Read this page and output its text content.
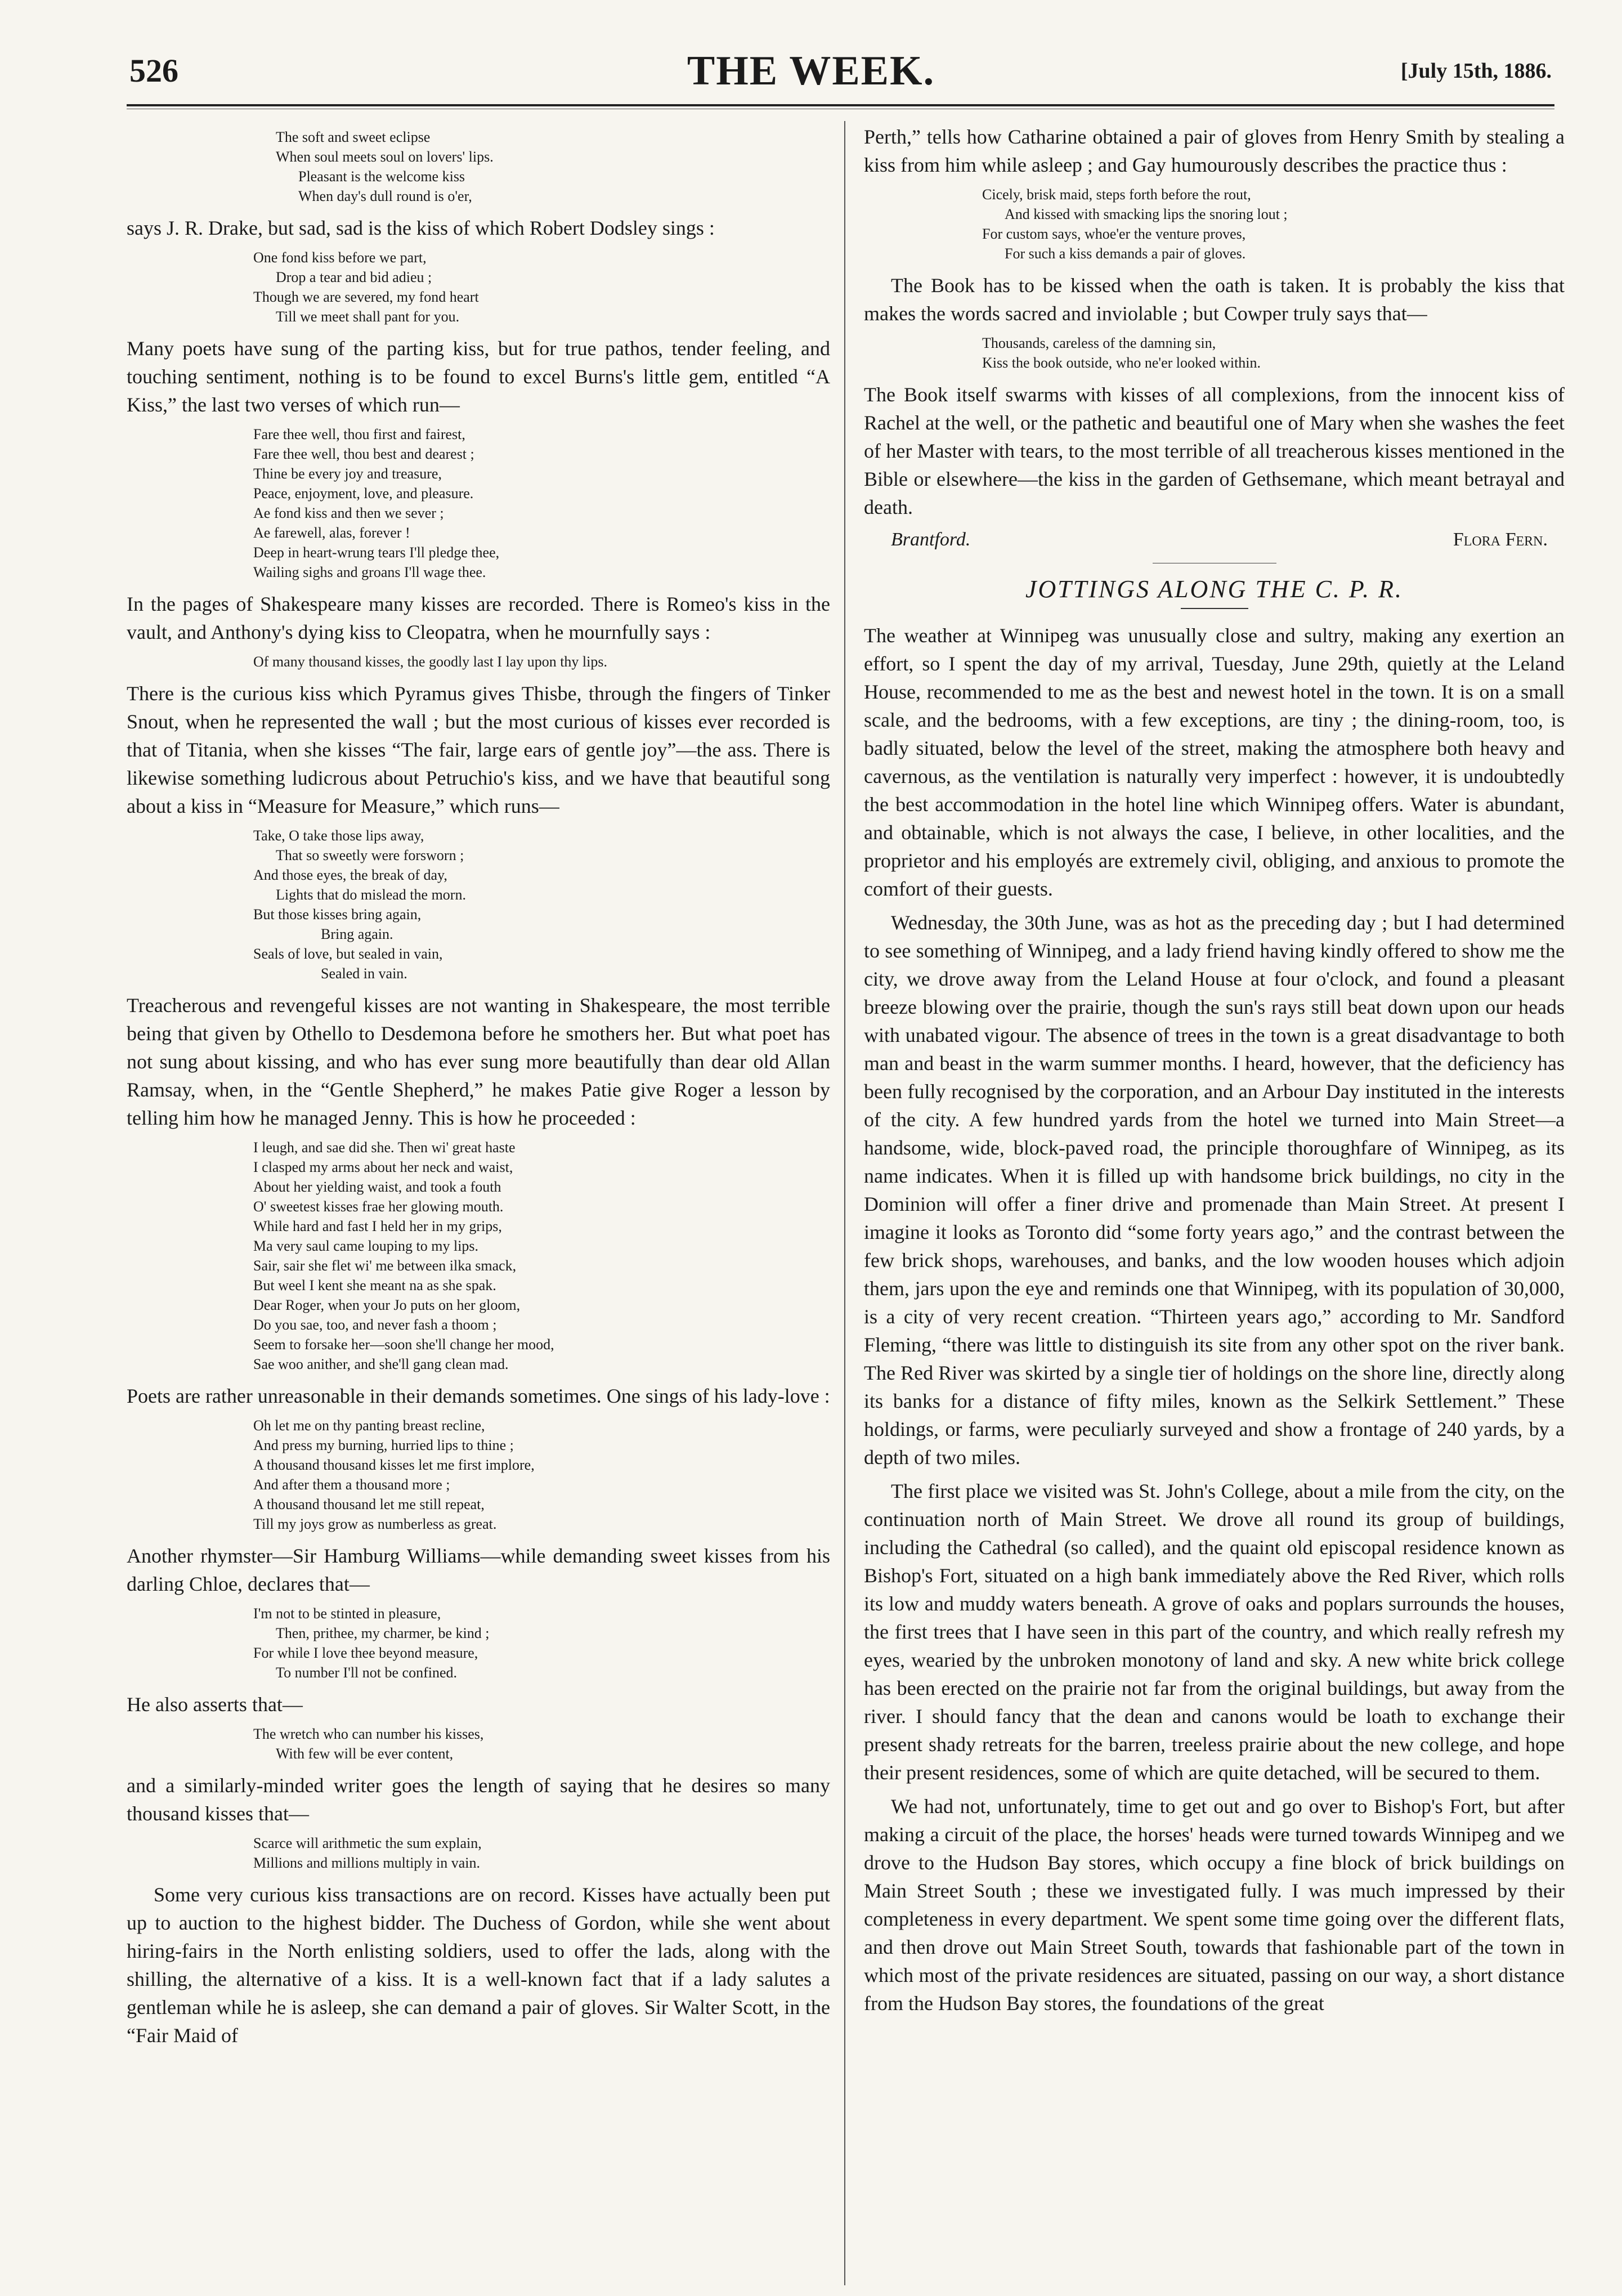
526	THE WEEK.	[July 15th, 1886.
The soft and sweet eclipse
When soul meets soul on lovers' lips.
Pleasant is the welcome kiss
When day's dull round is o'er,

says J. R. Drake, but sad, sad is the kiss of which Robert Dodsley sings :

One fond kiss before we part,
Drop a tear and bid adieu ;
Though we are severed, my fond heart
Till we meet shall pant for you.

Many poets have sung of the parting kiss, but for true pathos, tender feeling, and touching sentiment, nothing is to be found to excel Burns's little gem, entitled “A Kiss,” the last two verses of which run—

Fare thee well, thou first and fairest,
Fare thee well, thou best and dearest ;
Thine be every joy and treasure,
Peace, enjoyment, love, and pleasure.
Ae fond kiss and then we sever ;
Ae farewell, alas, forever !
Deep in heart-wrung tears I'll pledge thee,
Wailing sighs and groans I'll wage thee.

In the pages of Shakespeare many kisses are recorded. There is Romeo's kiss in the vault, and Anthony's dying kiss to Cleopatra, when he mournfully says :

Of many thousand kisses, the goodly last I lay upon thy lips.

There is the curious kiss which Pyramus gives Thisbe, through the fingers of Tinker Snout, when he represented the wall ; but the most curious of kisses ever recorded is that of Titania, when she kisses “The fair, large ears of gentle joy”—the ass. There is likewise something ludicrous about Petruchio's kiss, and we have that beautiful song about a kiss in “Measure for Measure,” which runs—

Take, O take those lips away,
That so sweetly were forsworn ;
And those eyes, the break of day,
Lights that do mislead the morn.
But those kisses bring again,
Bring again.
Seals of love, but sealed in vain,
Sealed in vain.

Treacherous and revengeful kisses are not wanting in Shakespeare, the most terrible being that given by Othello to Desdemona before he smothers her. But what poet has not sung about kissing, and who has ever sung more beautifully than dear old Allan Ramsay, when, in the “Gentle Shepherd,” he makes Patie give Roger a lesson by telling him how he managed Jenny. This is how he proceeded :

I leugh, and sae did she. Then wi' great haste
I clasped my arms about her neck and waist,
About her yielding waist, and took a fouth
O' sweetest kisses frae her glowing mouth.
While hard and fast I held her in my grips,
Ma very saul came louping to my lips.
Sair, sair she flet wi' me between ilka smack,
But weel I kent she meant na as she spak.
Dear Roger, when your Jo puts on her gloom,
Do you sae, too, and never fash a thoom ;
Seem to forsake her—soon she'll change her mood,
Sae woo anither, and she'll gang clean mad.

Poets are rather unreasonable in their demands sometimes. One sings of his lady-love :

Oh let me on thy panting breast recline,
And press my burning, hurried lips to thine ;
A thousand thousand kisses let me first implore,
And after them a thousand more ;
A thousand thousand let me still repeat,
Till my joys grow as numberless as great.

Another rhymster—Sir Hamburg Williams—while demanding sweet kisses from his darling Chloe, declares that—

I'm not to be stinted in pleasure,
Then, prithee, my charmer, be kind ;
For while I love thee beyond measure,
To number I'll not be confined.

He also asserts that—

The wretch who can number his kisses,
With few will be ever content,

and a similarly-minded writer goes the length of saying that he desires so many thousand kisses that—

Scarce will arithmetic the sum explain,
Millions and millions multiply in vain.

Some very curious kiss transactions are on record. Kisses have actually been put up to auction to the highest bidder. The Duchess of Gordon, while she went about hiring-fairs in the North enlisting soldiers, used to offer the lads, along with the shilling, the alternative of a kiss. It is a well-known fact that if a lady salutes a gentleman while he is asleep, she can demand a pair of gloves. Sir Walter Scott, in the “Fair Maid of

Perth,” tells how Catharine obtained a pair of gloves from Henry Smith by stealing a kiss from him while asleep ; and Gay humourously describes the practice thus :

Cicely, brisk maid, steps forth before the rout,
And kissed with smacking lips the snoring lout ;
For custom says, whoe'er the venture proves,
For such a kiss demands a pair of gloves.

The Book has to be kissed when the oath is taken. It is probably the kiss that makes the words sacred and inviolable ; but Cowper truly says that—

Thousands, careless of the damning sin,
Kiss the book outside, who ne'er looked within.

The Book itself swarms with kisses of all complexions, from the innocent kiss of Rachel at the well, or the pathetic and beautiful one of Mary when she washes the feet of her Master with tears, to the most terrible of all treacherous kisses mentioned in the Bible or elsewhere—the kiss in the garden of Gethsemane, which meant betrayal and death.

Brantford.	Flora Fern.
JOTTINGS ALONG THE C. P. R.

The weather at Winnipeg was unusually close and sultry, making any exertion an effort, so I spent the day of my arrival, Tuesday, June 29th, quietly at the Leland House, recommended to me as the best and newest hotel in the town. It is on a small scale, and the bedrooms, with a few exceptions, are tiny ; the dining-room, too, is badly situated, below the level of the street, making the atmosphere both heavy and cavernous, as the ventilation is naturally very imperfect : however, it is undoubtedly the best accommodation in the hotel line which Winnipeg offers. Water is abundant, and obtainable, which is not always the case, I believe, in other localities, and the proprietor and his employés are extremely civil, obliging, and anxious to promote the comfort of their guests.

Wednesday, the 30th June, was as hot as the preceding day ; but I had determined to see something of Winnipeg, and a lady friend having kindly offered to show me the city, we drove away from the Leland House at four o'clock, and found a pleasant breeze blowing over the prairie, though the sun's rays still beat down upon our heads with unabated vigour. The absence of trees in the town is a great disadvantage to both man and beast in the warm summer months. I heard, however, that the deficiency has been fully recognised by the corporation, and an Arbour Day instituted in the interests of the city. A few hundred yards from the hotel we turned into Main Street—a handsome, wide, block-paved road, the principle thoroughfare of Winnipeg, as its name indicates. When it is filled up with handsome brick buildings, no city in the Dominion will offer a finer drive and promenade than Main Street. At present I imagine it looks as Toronto did “some forty years ago,” and the contrast between the few brick shops, warehouses, and banks, and the low wooden houses which adjoin them, jars upon the eye and reminds one that Winnipeg, with its population of 30,000, is a city of very recent creation. “Thirteen years ago,” according to Mr. Sandford Fleming, “there was little to distinguish its site from any other spot on the river bank. The Red River was skirted by a single tier of holdings on the shore line, directly along its banks for a distance of fifty miles, known as the Selkirk Settlement.” These holdings, or farms, were peculiarly surveyed and show a frontage of 240 yards, by a depth of two miles.

The first place we visited was St. John's College, about a mile from the city, on the continuation north of Main Street. We drove all round its group of buildings, including the Cathedral (so called), and the quaint old episcopal residence known as Bishop's Fort, situated on a high bank immediately above the Red River, which rolls its low and muddy waters beneath. A grove of oaks and poplars surrounds the houses, the first trees that I have seen in this part of the country, and which really refresh my eyes, wearied by the unbroken monotony of land and sky. A new white brick college has been erected on the prairie not far from the original buildings, but away from the river. I should fancy that the dean and canons would be loath to exchange their present shady retreats for the barren, treeless prairie about the new college, and hope their present residences, some of which are quite detached, will be secured to them.

We had not, unfortunately, time to get out and go over to Bishop's Fort, but after making a circuit of the place, the horses' heads were turned towards Winnipeg and we drove to the Hudson Bay stores, which occupy a fine block of brick buildings on Main Street South ; these we investigated fully. I was much impressed by their completeness in every department. We spent some time going over the different flats, and then drove out Main Street South, towards that fashionable part of the town in which most of the private residences are situated, passing on our way, a short distance from the Hudson Bay stores, the foundations of the great
